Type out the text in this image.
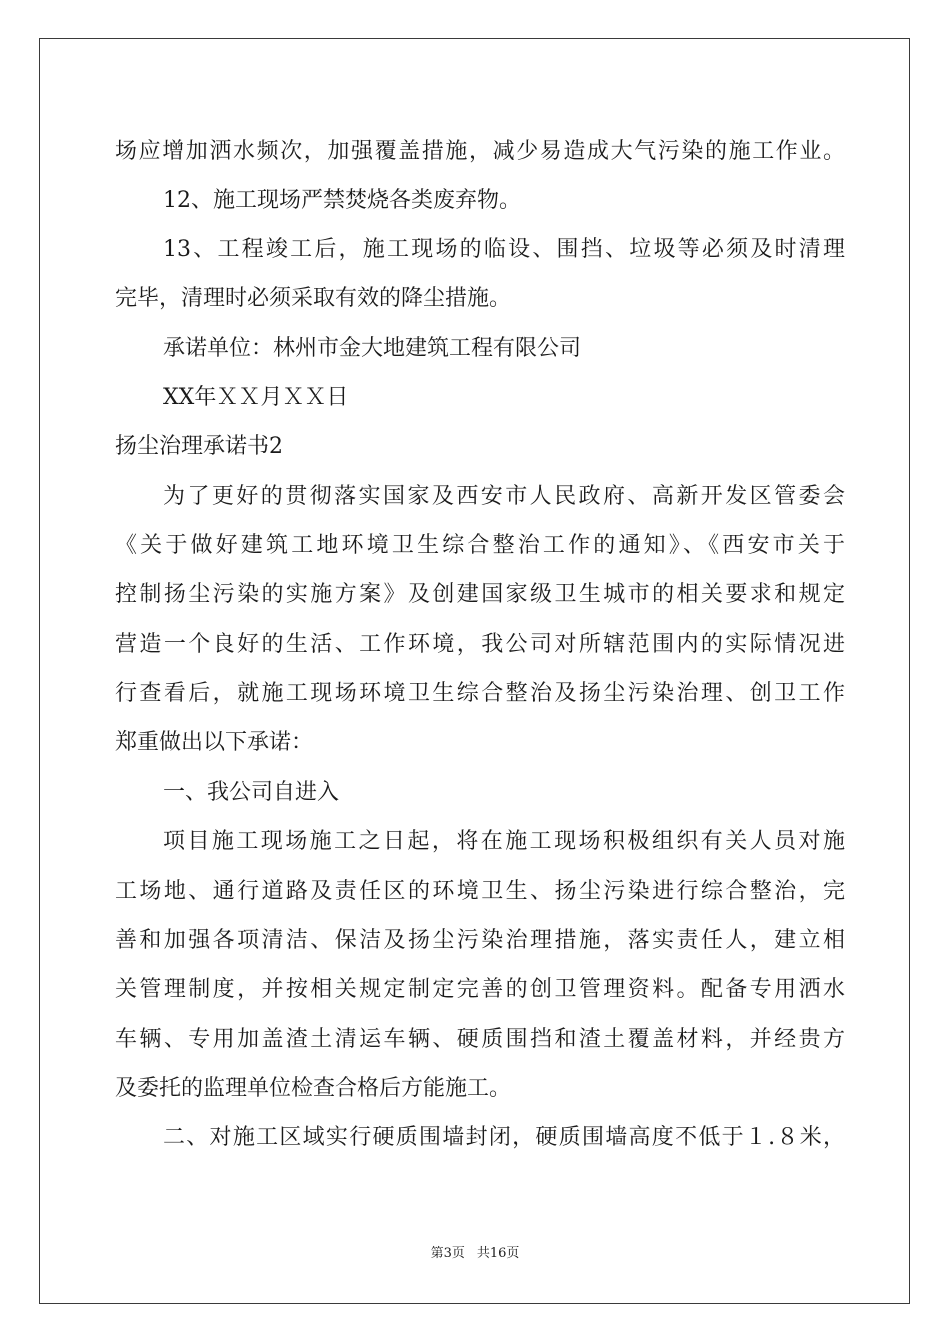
场应增加洒水频次，加强覆盖措施，减少易造成大气污染的施工作业。
12、施工现场严禁焚烧各类废弃物。
13、工程竣工后，施工现场的临设、围挡、垃圾等必须及时清理
完毕，清理时必须采取有效的降尘措施。
承诺单位：林州市金大地建筑工程有限公司
XX年ＸＸ月ＸＸ日
扬尘治理承诺书2
为了更好的贯彻落实国家及西安市人民政府、高新开发区管委会
《关于做好建筑工地环境卫生综合整治工作的通知》、《西安市关于
控制扬尘污染的实施方案》及创建国家级卫生城市的相关要求和规定
营造一个良好的生活、工作环境，我公司对所辖范围内的实际情况进
行查看后，就施工现场环境卫生综合整治及扬尘污染治理、创卫工作
郑重做出以下承诺：
一、我公司自进入
项目施工现场施工之日起，将在施工现场积极组织有关人员对施
工场地、通行道路及责任区的环境卫生、扬尘污染进行综合整治，完
善和加强各项清洁、保洁及扬尘污染治理措施，落实责任人，建立相
关管理制度，并按相关规定制定完善的创卫管理资料。配备专用洒水
车辆、专用加盖渣土清运车辆、硬质围挡和渣土覆盖材料，并经贵方
及委托的监理单位检查合格后方能施工。
二、对施工区域实行硬质围墙封闭，硬质围墙高度不低于１.８米，
第3页 共16页
